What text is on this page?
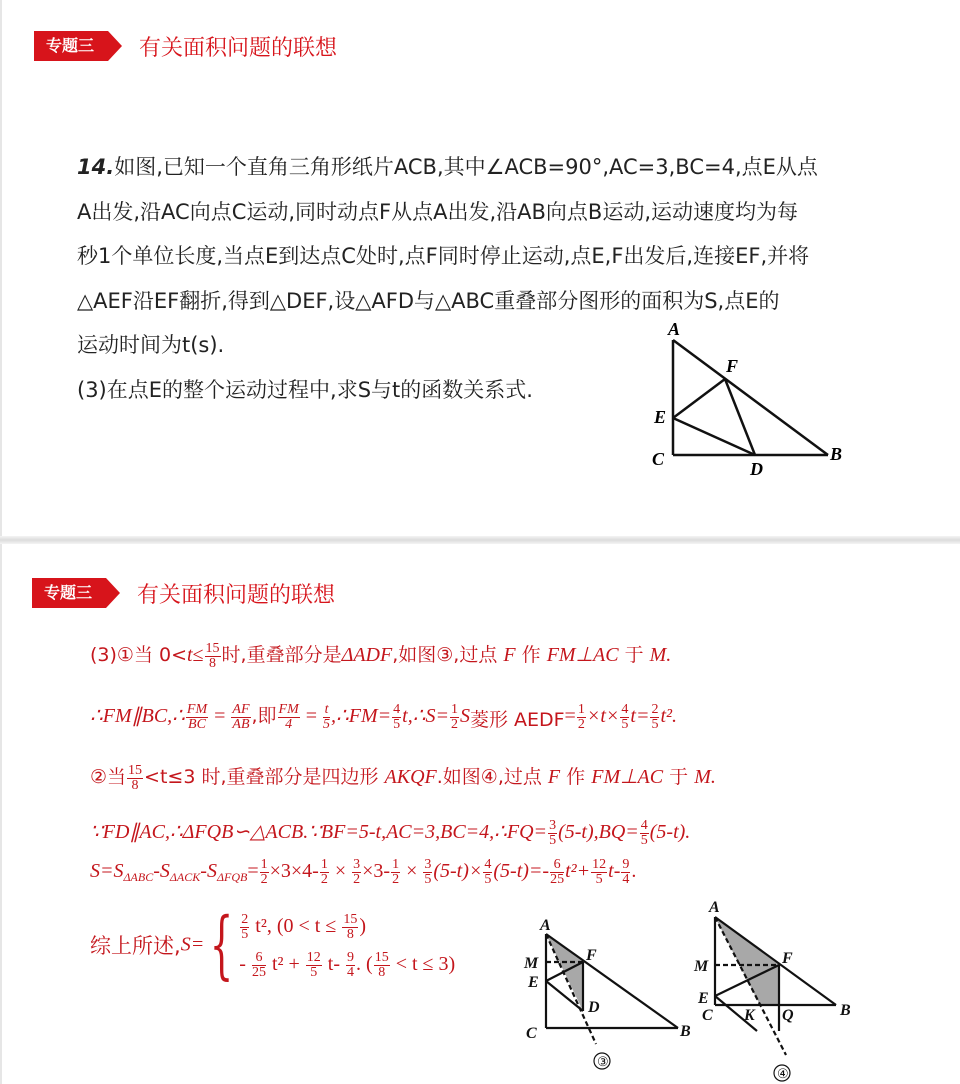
专题三	有关面积问题的联想
14.如图,已知一个直角三角形纸片ACB,其中∠ACB=90°,AC=3,BC=4,点E从点
A出发,沿AC向点C运动,同时动点F从点A出发,沿AB向点B运动,运动速度均为每
秒1个单位长度,当点E到达点C处时,点F同时停止运动,点E,F出发后,连接EF,并将
△AEF沿EF翻折,得到△DEF,设△AFD与△ABC重叠部分图形的面积为S,点E的
运动时间为t(s).
(3)在点E的整个运动过程中,求S与t的函数关系式.
A
F
E
C	D
B
专题三	有关面积问题的联想
(3)①当 $0<t\le \frac{15}{8}$ 时,重叠部分是ΔADF,如图③,过点 F 作 FM⊥AC 于 M.
∴FM∥BC,∴ $\frac{FM}{BC} = \frac{AF}{AB}$ ,即 $\frac{FM}{4} = \frac{t}{5}$ ,∴FM= $\frac{4}{5}$ t,∴S= $\frac{1}{2}$ S菱形 AEDF= $\frac{1}{2} \times t\times \frac{4}{5} t= \frac{2}{5} t^2$.
②当 $\frac{15}{8} <t\le 3$ 时,重叠部分是四边形 AKQF.如图④,过点 F 作 FM⊥AC 于 M.
∵FD∥AC,∴ΔFQB∽△ACB.∵BF=5-t,AC=3,BC=4,∴FQ= $\frac{3}{5} (5-t),BQ= \frac{4}{5} (5-t)$.
$S=S_{\Delta ABC}-S_{\Delta ACK}-S_{\Delta FQB}= \frac{1}{2} \times 3\times 4- \frac{1}{2} \times \frac{3}{2} \times 3- \frac{1}{2} \times \frac{3}{5} (5-t)\times \frac{4}{5} (5-t)=- \frac{6}{25} t^2+ \frac{12}{5} t- \frac{9}{4}$ .
综上所述$,S=\{ \frac{2}{5} t^2$, ($0 < t \le \frac{15}{8}$ )
- $\frac{6}{25} t^2 + \frac{12}{5} t- \frac{9}{4}$ . ( $\frac{15}{8} < t \le 3$)
A
M	F
E
D
C	B
③
A
M	F
E
C K Q	B
④
